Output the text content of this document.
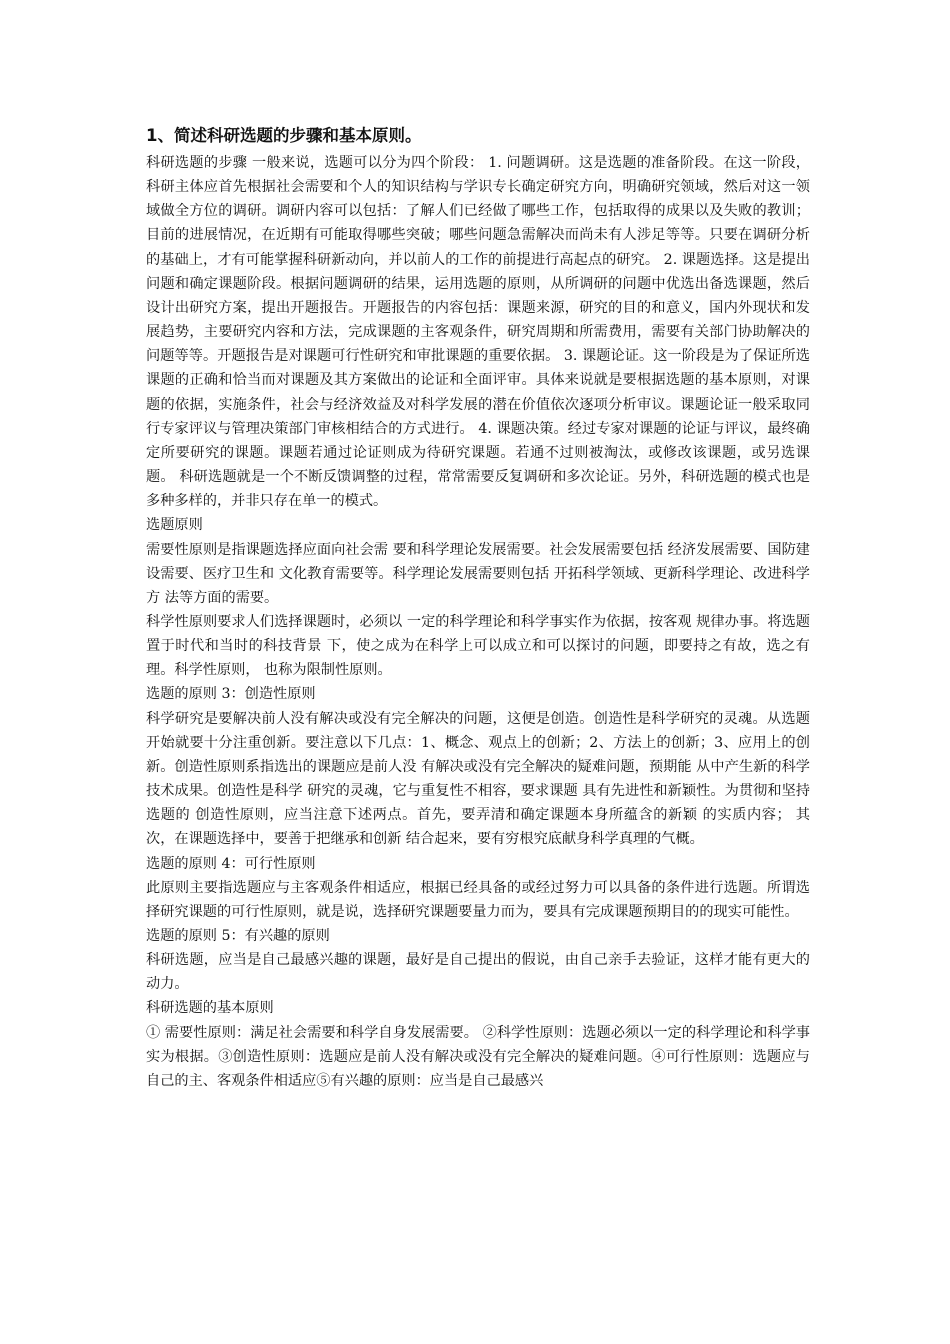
1、简述科研选题的步骤和基本原则。
科研选题的步骤 一般来说，选题可以分为四个阶段： 1. 问题调研。这是选题的准备阶段。在这一阶段，科研主体应首先根据社会需要和个人的知识结构与学识专长确定研究方向，明确研究领域，然后对这一领域做全方位的调研。调研内容可以包括：了解人们已经做了哪些工作，包括取得的成果以及失败的教训；目前的进展情况，在近期有可能取得哪些突破；哪些问题急需解决而尚未有人涉足等等。只要在调研分析的基础上，才有可能掌握科研新动向，并以前人的工作的前提进行高起点的研究。 2. 课题选择。这是提出问题和确定课题阶段。根据问题调研的结果，运用选题的原则，从所调研的问题中优选出备选课题，然后设计出研究方案，提出开题报告。开题报告的内容包括：课题来源，研究的目的和意义，国内外现状和发展趋势，主要研究内容和方法，完成课题的主客观条件，研究周期和所需费用，需要有关部门协助解决的问题等等。开题报告是对课题可行性研究和审批课题的重要依据。 3. 课题论证。这一阶段是为了保证所选课题的正确和恰当而对课题及其方案做出的论证和全面评审。具体来说就是要根据选题的基本原则，对课题的依据，实施条件，社会与经济效益及对科学发展的潜在价值依次逐项分析审议。课题论证一般采取同行专家评议与管理决策部门审核相结合的方式进行。 4. 课题决策。经过专家对课题的论证与评议，最终确定所要研究的课题。课题若通过论证则成为待研究课题。若通不过则被淘汰，或修改该课题，或另选课题。 科研选题就是一个不断反馈调整的过程，常常需要反复调研和多次论证。另外，科研选题的模式也是多种多样的，并非只存在单一的模式。
选题原则
需要性原则是指课题选择应面向社会需 要和科学理论发展需要。社会发展需要包括 经济发展需要、国防建设需要、医疗卫生和 文化教育需要等。科学理论发展需要则包括 开拓科学领域、更新科学理论、改进科学方 法等方面的需要。
科学性原则要求人们选择课题时，必须以 一定的科学理论和科学事实作为依据，按客观 规律办事。将选题置于时代和当时的科技背景 下，使之成为在科学上可以成立和可以探讨的问题，即要持之有故，选之有理。科学性原则， 也称为限制性原则。
选题的原则 3：创造性原则
科学研究是要解决前人没有解决或没有完全解决的问题，这便是创造。创造性是科学研究的灵魂。从选题开始就要十分注重创新。要注意以下几点：1、概念、观点上的创新；2、方法上的创新；3、应用上的创新。创造性原则系指选出的课题应是前人没 有解决或没有完全解决的疑难问题，预期能 从中产生新的科学技术成果。创造性是科学 研究的灵魂，它与重复性不相容，要求课题 具有先进性和新颖性。为贯彻和坚持选题的 创造性原则，应当注意下述两点。首先，要弄清和确定课题本身所蕴含的新颖 的实质内容； 其次，在课题选择中，要善于把继承和创新 结合起来，要有穷根究底献身科学真理的气概。
选题的原则 4：可行性原则
此原则主要指选题应与主客观条件相适应，根据已经具备的或经过努力可以具备的条件进行选题。所谓选择研究课题的可行性原则，就是说，选择研究课题要量力而为，要具有完成课题预期目的的现实可能性。
选题的原则 5：有兴趣的原则
科研选题，应当是自己最感兴趣的课题，最好是自己提出的假说，由自己亲手去验证，这样才能有更大的动力。
科研选题的基本原则
① 需要性原则：满足社会需要和科学自身发展需要。 ②科学性原则：选题必须以一定的科学理论和科学事 实为根据。③创造性原则：选题应是前人没有解决或没有完全解决的疑难问题。④可行性原则：选题应与自己的主、客观条件相适应⑤有兴趣的原则：应当是自己最感兴
